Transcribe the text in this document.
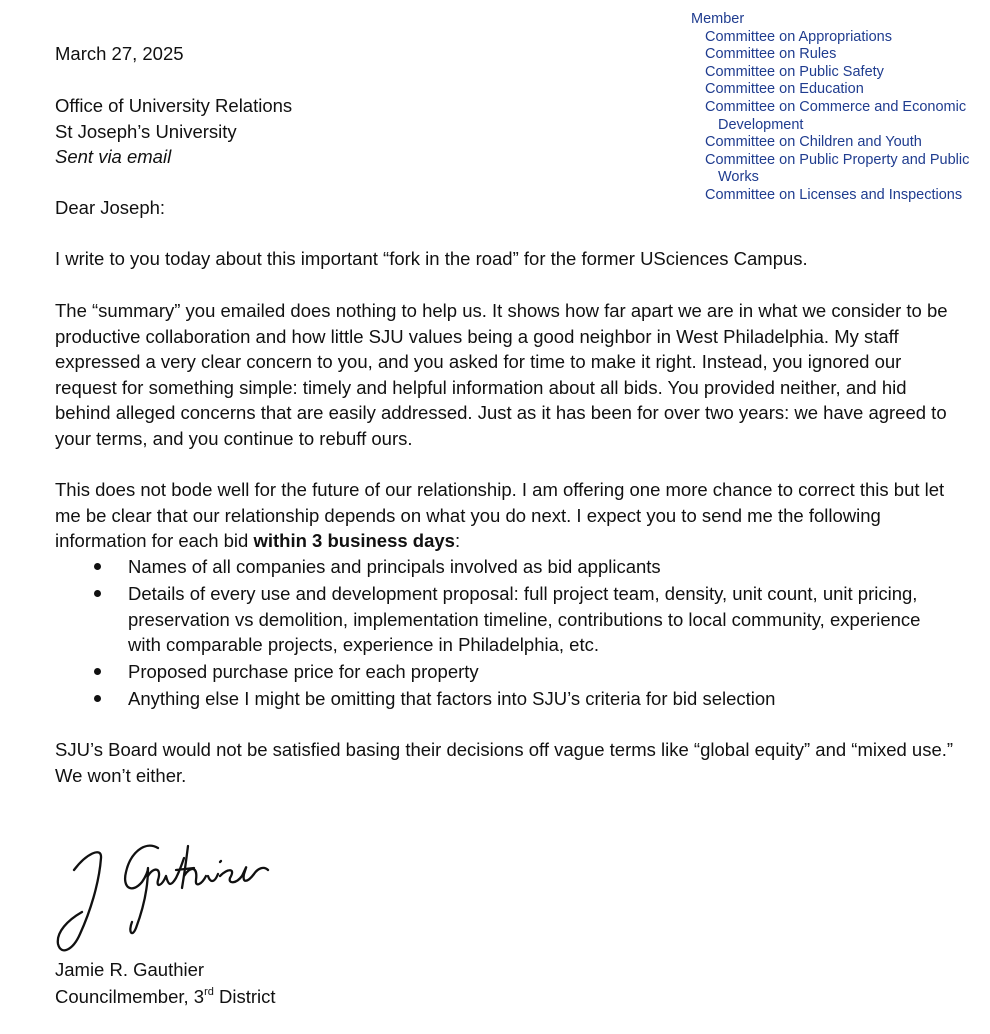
Member
Committee on Appropriations
Committee on Rules
Committee on Public Safety
Committee on Education
Committee on Commerce and Economic Development
Committee on Children and Youth
Committee on Public Property and Public Works
Committee on Licenses and Inspections
March 27, 2025
Office of University Relations
St Joseph’s University
Sent via email
Dear Joseph:
I write to you today about this important “fork in the road” for the former USciences Campus.
The “summary” you emailed does nothing to help us. It shows how far apart we are in what we consider to be productive collaboration and how little SJU values being a good neighbor in West Philadelphia. My staff expressed a very clear concern to you, and you asked for time to make it right. Instead, you ignored our request for something simple: timely and helpful information about all bids. You provided neither, and hid behind alleged concerns that are easily addressed. Just as it has been for over two years: we have agreed to your terms, and you continue to rebuff ours.
This does not bode well for the future of our relationship. I am offering one more chance to correct this but let me be clear that our relationship depends on what you do next. I expect you to send me the following information for each bid within 3 business days:
Names of all companies and principals involved as bid applicants
Details of every use and development proposal: full project team, density, unit count, unit pricing, preservation vs demolition, implementation timeline, contributions to local community, experience with comparable projects, experience in Philadelphia, etc.
Proposed purchase price for each property
Anything else I might be omitting that factors into SJU’s criteria for bid selection
SJU’s Board would not be satisfied basing their decisions off vague terms like “global equity” and “mixed use.” We won’t either.
Jamie R. Gauthier
Councilmember, 3rd District
